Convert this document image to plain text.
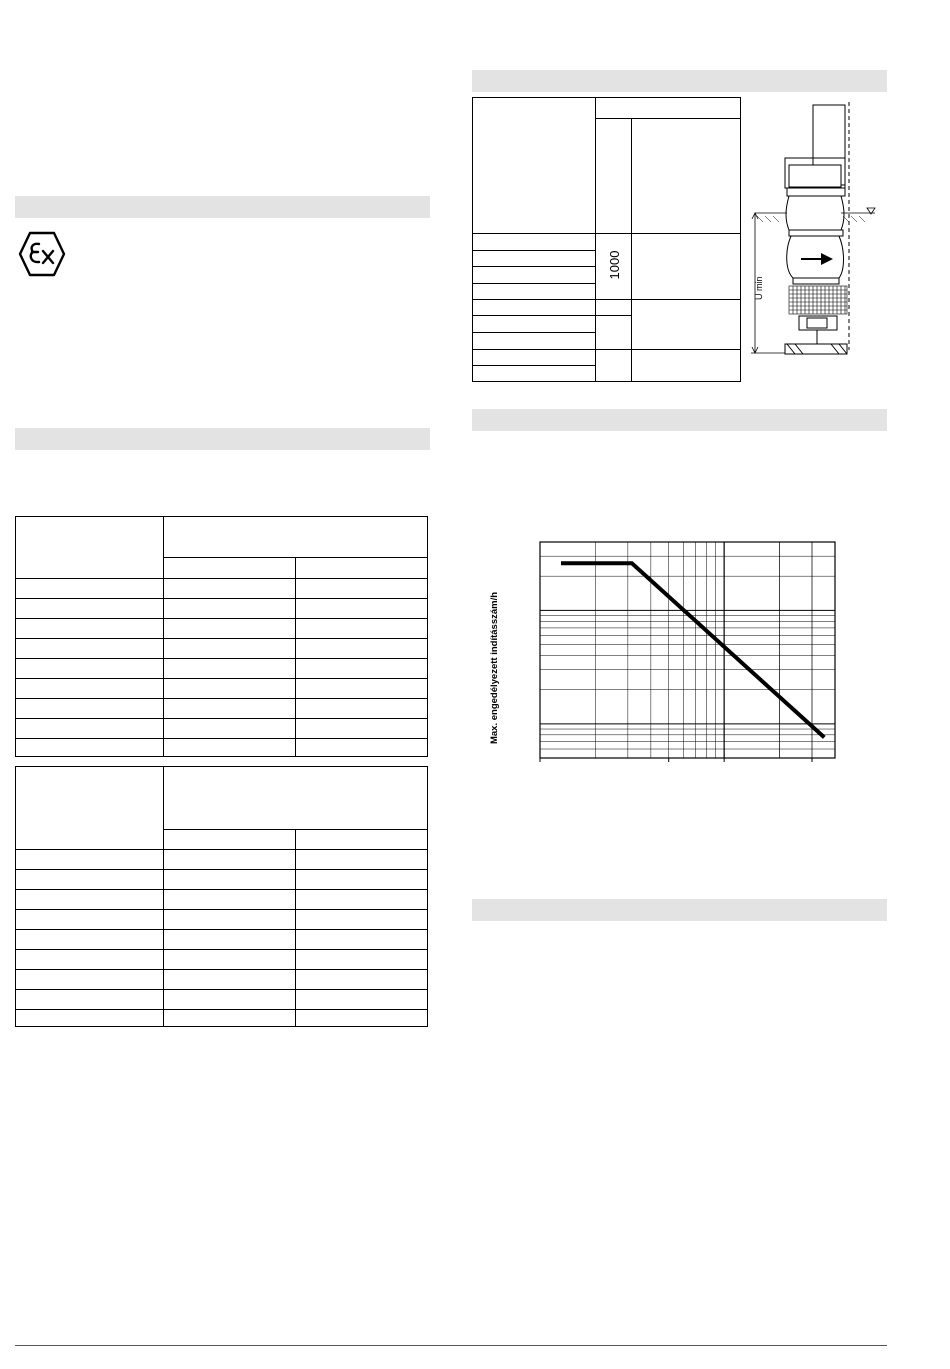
1000
U min
Max. engedélyezett indításszám/h
